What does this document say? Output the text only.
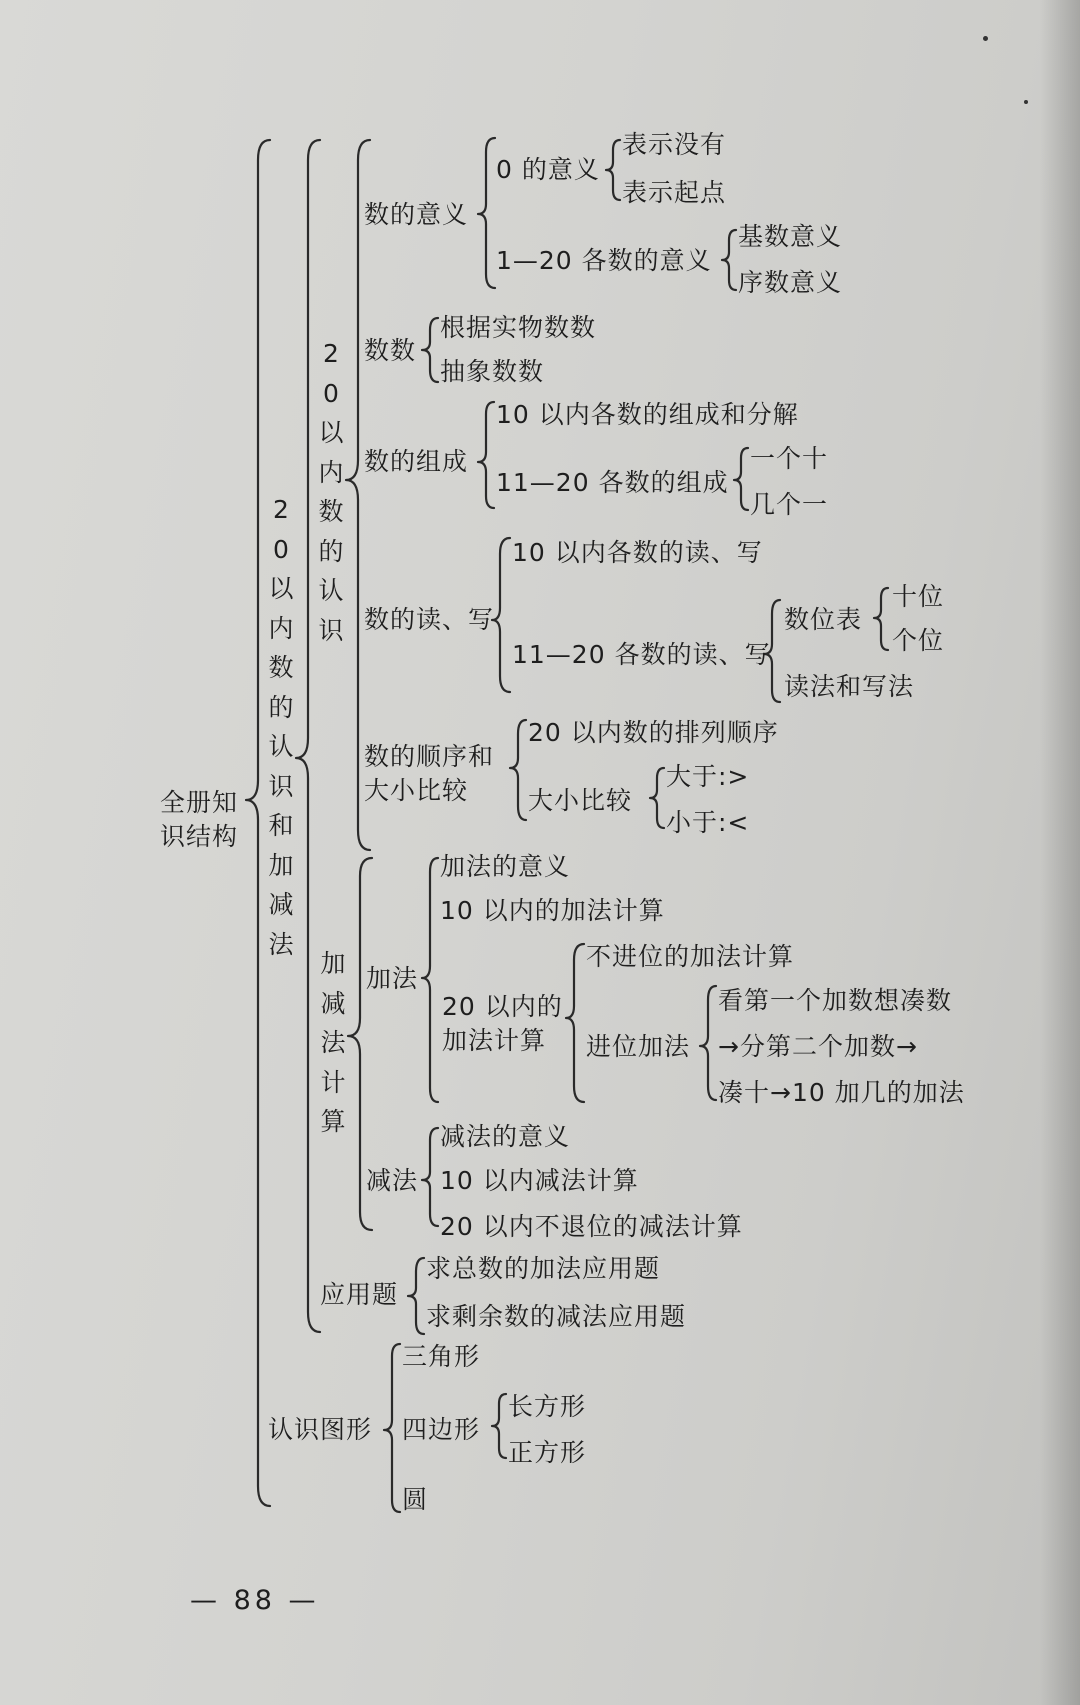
全册知
识结构
20以内数的认识和加减法
认识图形
20以内数的认识
加减法计算
应用题
数的意义
0 的意义
表示没有
表示起点
1—20 各数的意义
基数意义
序数意义
数数
根据实物数数
抽象数数
数的组成
10 以内各数的组成和分解
11—20 各数的组成
一个十
几个一
数的读、写
10 以内各数的读、写
11—20 各数的读、写
数位表
十位
个位
读法和写法
数的顺序和
大小比较
20 以内数的排列顺序
大小比较
大于:>
小于:<
加法
加法的意义
10 以内的加法计算
20 以内的
加法计算
不进位的加法计算
进位加法
看第一个加数想凑数
→分第二个加数→
凑十→10 加几的加法
减法
减法的意义
10 以内减法计算
20 以内不退位的减法计算
求总数的加法应用题
求剩余数的减法应用题
三角形
四边形
长方形
正方形
圆
— 88 —
